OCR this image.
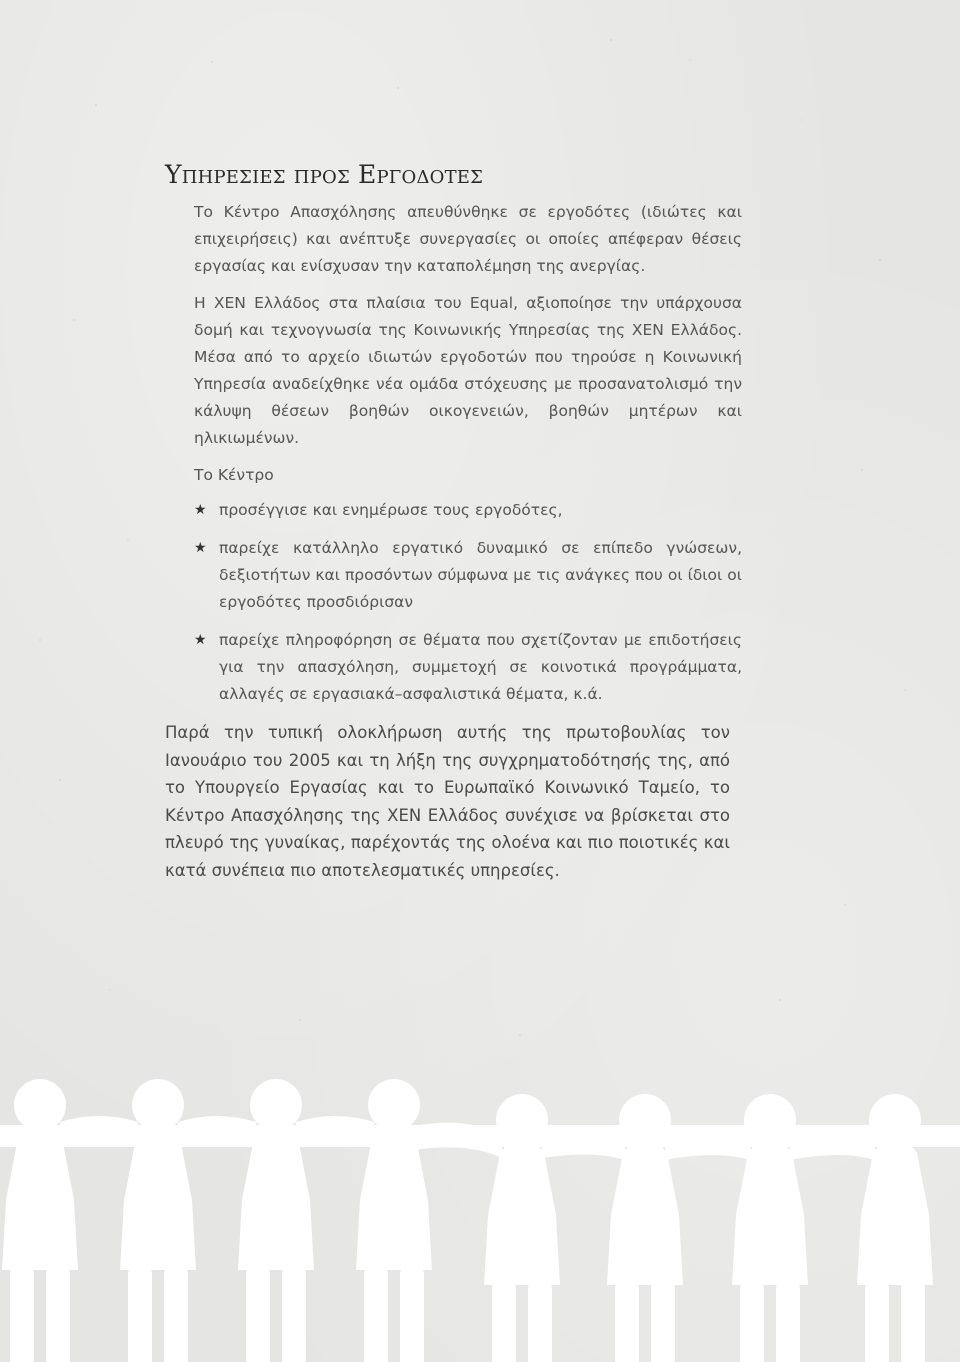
Υπηρεσιες προς Εργοδοτες

Το Κέντρο Απασχόλησης απευθύνθηκε σε εργοδότες (ιδιώτες και επιχειρήσεις) και ανέπτυξε συνεργασίες οι οποίες απέφεραν θέσεις εργασίας και ενίσχυσαν την καταπολέμηση της ανεργίας.

Η ΧΕΝ Ελλάδος στα πλαίσια του Equal, αξιοποίησε την υπάρχουσα δομή και τεχνογνωσία της Κοινωνικής Υπηρεσίας της ΧΕΝ Ελλάδος. Μέσα από το αρχείο ιδιωτών εργοδοτών που τηρούσε η Κοινωνική Υπηρεσία αναδείχθηκε νέα ομάδα στόχευσης με προσανατολισμό την κάλυψη θέσεων βοηθών οικογενειών, βοηθών μητέρων και ηλικιωμένων.

Το Κέντρο

★ προσέγγισε και ενημέρωσε τους εργοδότες,
★ παρείχε κατάλληλο εργατικό δυναμικό σε επίπεδο γνώσεων, δεξιοτήτων και προσόντων σύμφωνα με τις ανάγκες που οι ίδιοι οι εργοδότες προσδιόρισαν
★ παρείχε πληροφόρηση σε θέματα που σχετίζονταν με επιδοτήσεις για την απασχόληση, συμμετοχή σε κοινοτικά προγράμματα, αλλαγές σε εργασιακά–ασφαλιστικά θέματα, κ.ά.

Παρά την τυπική ολοκλήρωση αυτής της πρωτοβουλίας τον Ιανουάριο του 2005 και τη λήξη της συγχρηματοδότησής της, από το Υπουργείο Εργασίας και το Ευρωπαϊκό Κοινωνικό Ταμείο, το Κέντρο Απασχόλησης της ΧΕΝ Ελλάδος συνέχισε να βρίσκεται στο πλευρό της γυναίκας, παρέχοντάς της ολοένα και πιο ποιοτικές και κατά συνέπεια πιο αποτελεσματικές υπηρεσίες.
